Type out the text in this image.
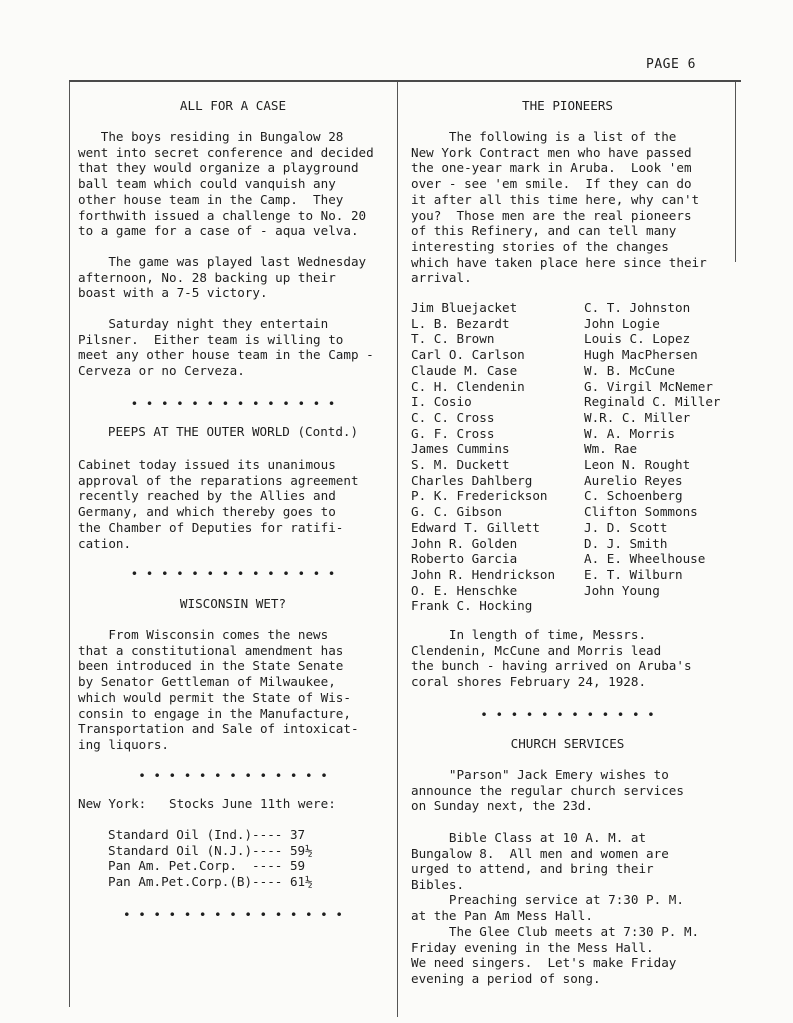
PAGE 6
ALL FOR A CASE
The boys residing in Bungalow 28
went into secret conference and decided
that they would organize a playground
ball team which could vanquish any
other house team in the Camp.  They
forthwith issued a challenge to No. 20
to a game for a case of - aqua velva.
The game was played last Wednesday
afternoon, No. 28 backing up their
boast with a 7-5 victory.
Saturday night they entertain
Pilsner.  Either team is willing to
meet any other house team in the Camp -
Cerveza or no Cerveza.
• • • • • • • • • • • • • •
PEEPS AT THE OUTER WORLD (Contd.)
Cabinet today issued its unanimous
approval of the reparations agreement
recently reached by the Allies and
Germany, and which thereby goes to
the Chamber of Deputies for ratifi-
cation.
• • • • • • • • • • • • • •
WISCONSIN WET?
From Wisconsin comes the news
that a constitutional amendment has
been introduced in the State Senate
by Senator Gettleman of Milwaukee,
which would permit the State of Wis-
consin to engage in the Manufacture,
Transportation and Sale of intoxicat-
ing liquors.
• • • • • • • • • • • • •
New York:   Stocks June 11th were:
Standard Oil (Ind.)---- 37
Standard Oil (N.J.)---- 59½
Pan Am. Pet.Corp.  ---- 59
Pan Am.Pet.Corp.(B)---- 61½
• • • • • • • • • • • • • • •
THE PIONEERS
The following is a list of the
New York Contract men who have passed
the one-year mark in Aruba.  Look 'em
over - see 'em smile.  If they can do
it after all this time here, why can't
you?  Those men are the real pioneers
of this Refinery, and can tell many
interesting stories of the changes
which have taken place here since their
arrival.
Jim Bluejacket
L. B. Bezardt
T. C. Brown
Carl O. Carlson
Claude M. Case
C. H. Clendenin
I. Cosio
C. C. Cross
G. F. Cross
James Cummins
S. M. Duckett
Charles Dahlberg
P. K. Frederickson
G. C. Gibson
Edward T. Gillett
John R. Golden
Roberto Garcia
John R. Hendrickson
O. E. Henschke
Frank C. Hocking
C. T. Johnston
John Logie
Louis C. Lopez
Hugh MacPhersen
W. B. McCune
G. Virgil McNemer
Reginald C. Miller
W.R. C. Miller
W. A. Morris
Wm. Rae
Leon N. Rought
Aurelio Reyes
C. Schoenberg
Clifton Sommons
J. D. Scott
D. J. Smith
A. E. Wheelhouse
E. T. Wilburn
John Young
In length of time, Messrs.
Clendenin, McCune and Morris lead
the bunch - having arrived on Aruba's
coral shores February 24, 1928.
• • • • • • • • • • • •
CHURCH SERVICES
"Parson" Jack Emery wishes to
announce the regular church services
on Sunday next, the 23d.
Bible Class at 10 A. M. at
Bungalow 8.  All men and women are
urged to attend, and bring their
Bibles.
Preaching service at 7:30 P. M.
at the Pan Am Mess Hall.
The Glee Club meets at 7:30 P. M.
Friday evening in the Mess Hall.
We need singers.  Let's make Friday
evening a period of song.
